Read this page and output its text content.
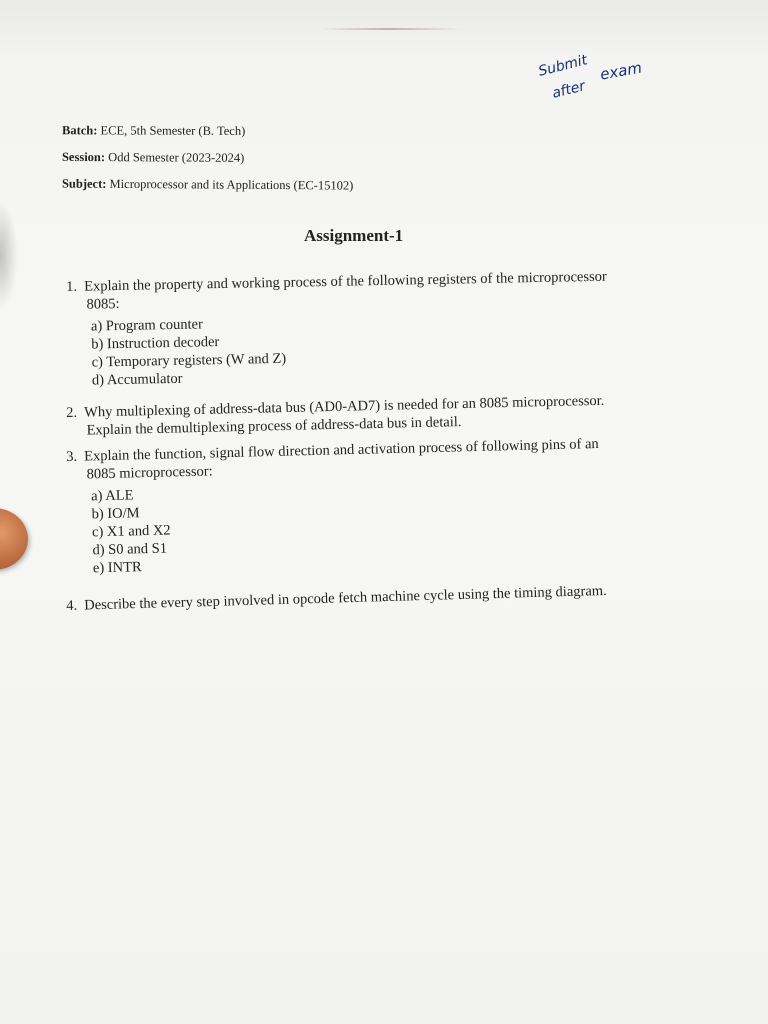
Submit
after
exam
Batch: ECE, 5th Semester (B. Tech)
Session: Odd Semester (2023-2024)
Subject: Microprocessor and its Applications (EC-15102)
Assignment-1
1. Explain the property and working process of the following registers of the microprocessor
8085:
a) Program counter
b) Instruction decoder
c) Temporary registers (W and Z)
d) Accumulator
2. Why multiplexing of address-data bus (AD0-AD7) is needed for an 8085 microprocessor.
Explain the demultiplexing process of address-data bus in detail.
3. Explain the function, signal flow direction and activation process of following pins of an
8085 microprocessor:
a) ALE
b) IO/M
c) X1 and X2
d) S0 and S1
e) INTR
4. Describe the every step involved in opcode fetch machine cycle using the timing diagram.
